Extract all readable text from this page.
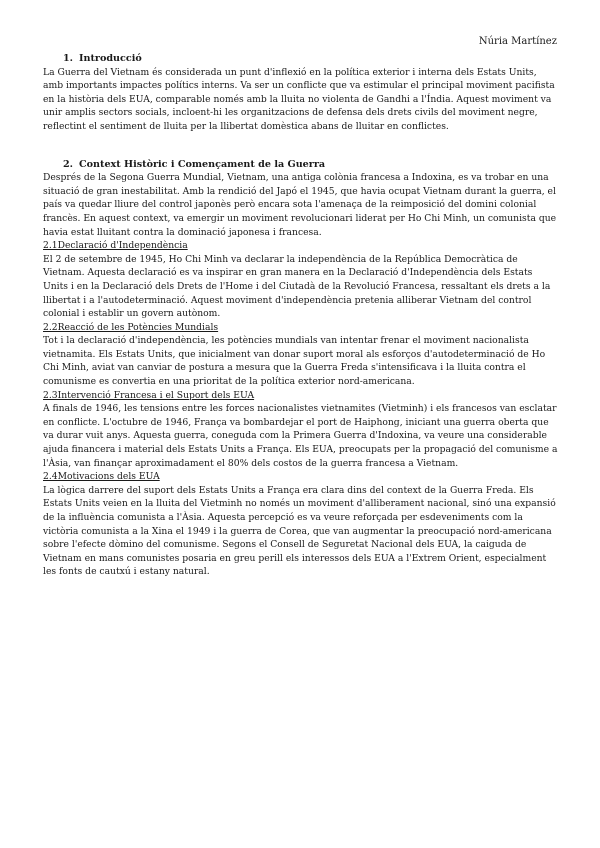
Núria Martínez
1. Introducció

La Guerra del Vietnam és considerada un punt d'inflexió en la política exterior i interna dels Estats Units, amb importants impactes polítics interns. Va ser un conflicte que va estimular el principal moviment pacifista en la història dels EUA, comparable només amb la lluita no violenta de Gandhi a l'Índia. Aquest moviment va unir amplis sectors socials, incloent-hi les organitzacions de defensa dels drets civils del moviment negre, reflectint el sentiment de lluita per la llibertat domèstica abans de lluitar en conflictes.

2. Context Històric i Començament de la Guerra

Després de la Segona Guerra Mundial, Vietnam, una antiga colònia francesa a Indoxina, es va trobar en una situació de gran inestabilitat. Amb la rendició del Japó el 1945, que havia ocupat Vietnam durant la guerra, el país va quedar lliure del control japonès però encara sota l'amenaça de la reimposició del domini colonial francès. En aquest context, va emergir un moviment revolucionari liderat per Ho Chi Minh, un comunista que havia estat lluitant contra la dominació japonesa i francesa.

2.1Declaració d'Independència

El 2 de setembre de 1945, Ho Chi Minh va declarar la independència de la República Democràtica de Vietnam. Aquesta declaració es va inspirar en gran manera en la Declaració d'Independència dels Estats Units i en la Declaració dels Drets de l'Home i del Ciutadà de la Revolució Francesa, ressaltant els drets a la llibertat i a l'autodeterminació. Aquest moviment d'independència pretenia alliberar Vietnam del control colonial i establir un govern autònom.

2.2Reacció de les Potències Mundials

Tot i la declaració d'independència, les potències mundials van intentar frenar el moviment nacionalista vietnamita. Els Estats Units, que inicialment van donar suport moral als esforços d'autodeterminació de Ho Chi Minh, aviat van canviar de postura a mesura que la Guerra Freda s'intensificava i la lluita contra el comunisme es convertia en una prioritat de la política exterior nord-americana.

2.3Intervenció Francesa i el Suport dels EUA

A finals de 1946, les tensions entre les forces nacionalistes vietnamites (Vietminh) i els francesos van esclatar en conflicte. L'octubre de 1946, França va bombardejar el port de Haiphong, iniciant una guerra oberta que va durar vuit anys. Aquesta guerra, coneguda com la Primera Guerra d'Indoxina, va veure una considerable ajuda financera i material dels Estats Units a França. Els EUA, preocupats per la propagació del comunisme a l'Àsia, van finançar aproximadament el 80% dels costos de la guerra francesa a Vietnam.

2.4Motivacions dels EUA

La lògica darrere del suport dels Estats Units a França era clara dins del context de la Guerra Freda. Els Estats Units veien en la lluita del Vietminh no només un moviment d'alliberament nacional, sinó una expansió de la influència comunista a l'Àsia. Aquesta percepció es va veure reforçada per esdeveniments com la victòria comunista a la Xina el 1949 i la guerra de Corea, que van augmentar la preocupació nord-americana sobre l'efecte dòmino del comunisme. Segons el Consell de Seguretat Nacional dels EUA, la caiguda de Vietnam en mans comunistes posaria en greu perill els interessos dels EUA a l'Extrem Orient, especialment les fonts de cautxú i estany natural.
